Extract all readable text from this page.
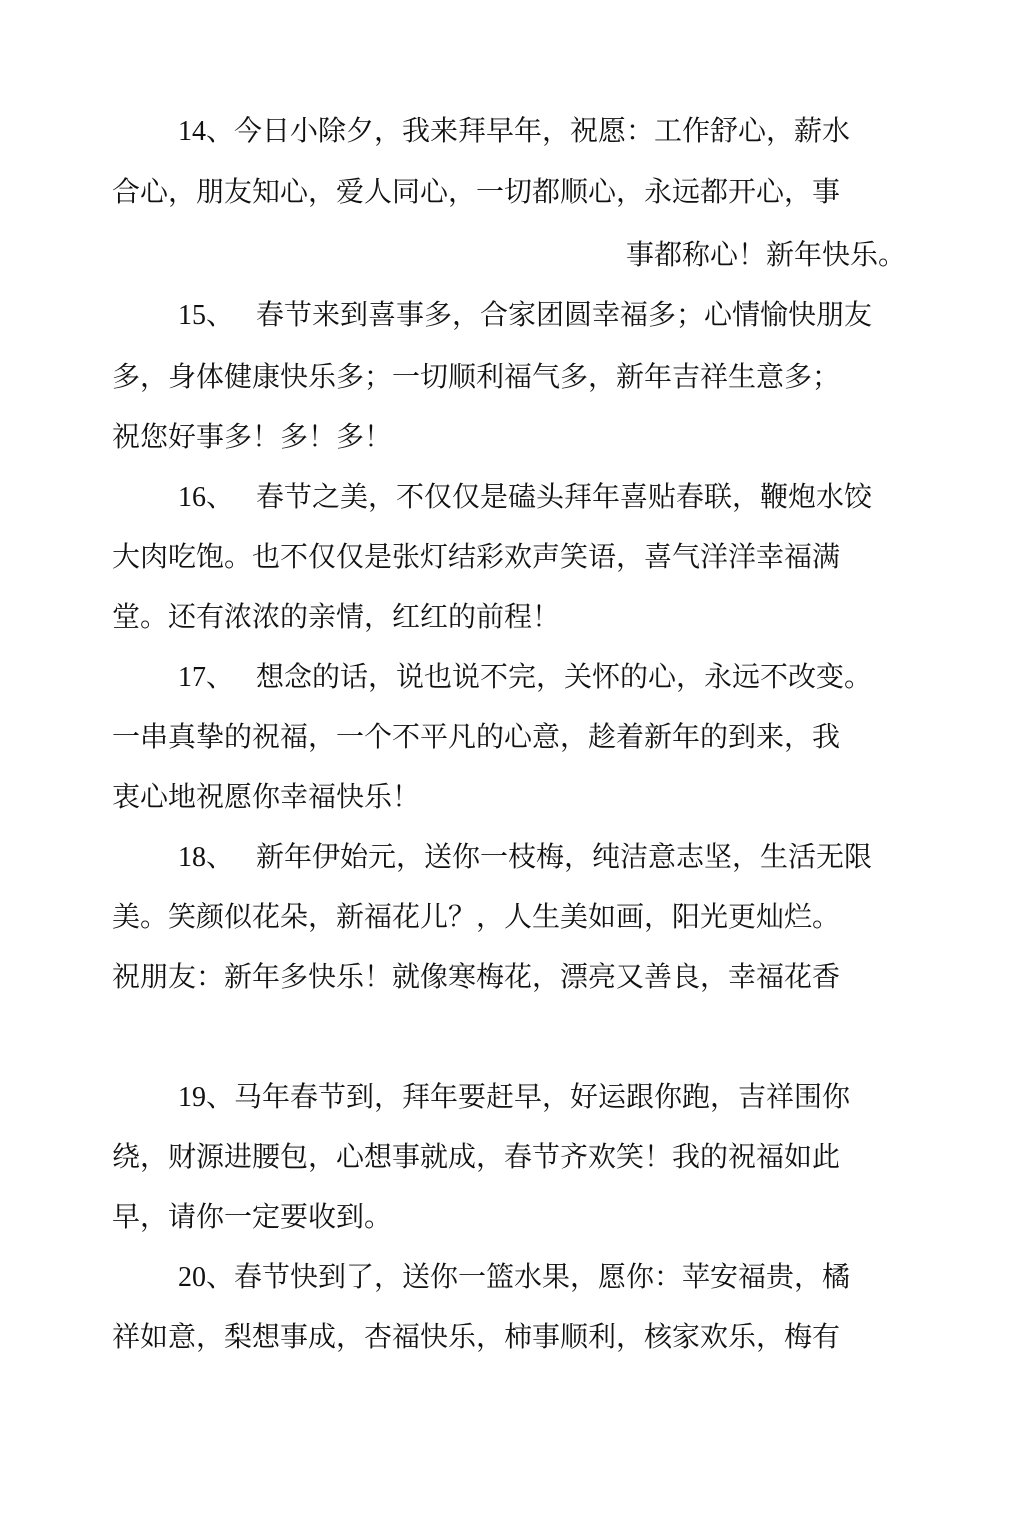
14、今日小除夕，我来拜早年，祝愿：工作舒心，薪水
合心，朋友知心，爱人同心，一切都顺心，永远都开心，事
事都称心！新年快乐。
15、 春节来到喜事多，合家团圆幸福多；心情愉快朋友
多，身体健康快乐多；一切顺利福气多，新年吉祥生意多；
祝您好事多！多！多！
16、 春节之美，不仅仅是磕头拜年喜贴春联，鞭炮水饺
大肉吃饱。也不仅仅是张灯结彩欢声笑语，喜气洋洋幸福满
堂。还有浓浓的亲情，红红的前程！
17、 想念的话，说也说不完，关怀的心，永远不改变。
一串真挚的祝福，一个不平凡的心意，趁着新年的到来，我
衷心地祝愿你幸福快乐！
18、 新年伊始元，送你一枝梅，纯洁意志坚，生活无限
美。笑颜似花朵，新福花儿？，人生美如画，阳光更灿烂。
祝朋友：新年多快乐！就像寒梅花，漂亮又善良，幸福花香
19、马年春节到，拜年要赶早，好运跟你跑，吉祥围你
绕，财源进腰包，心想事就成，春节齐欢笑！我的祝福如此
早，请你一定要收到。
20、春节快到了，送你一篮水果，愿你：苹安福贵，橘
祥如意，梨想事成，杏福快乐，柿事顺利，核家欢乐，梅有
